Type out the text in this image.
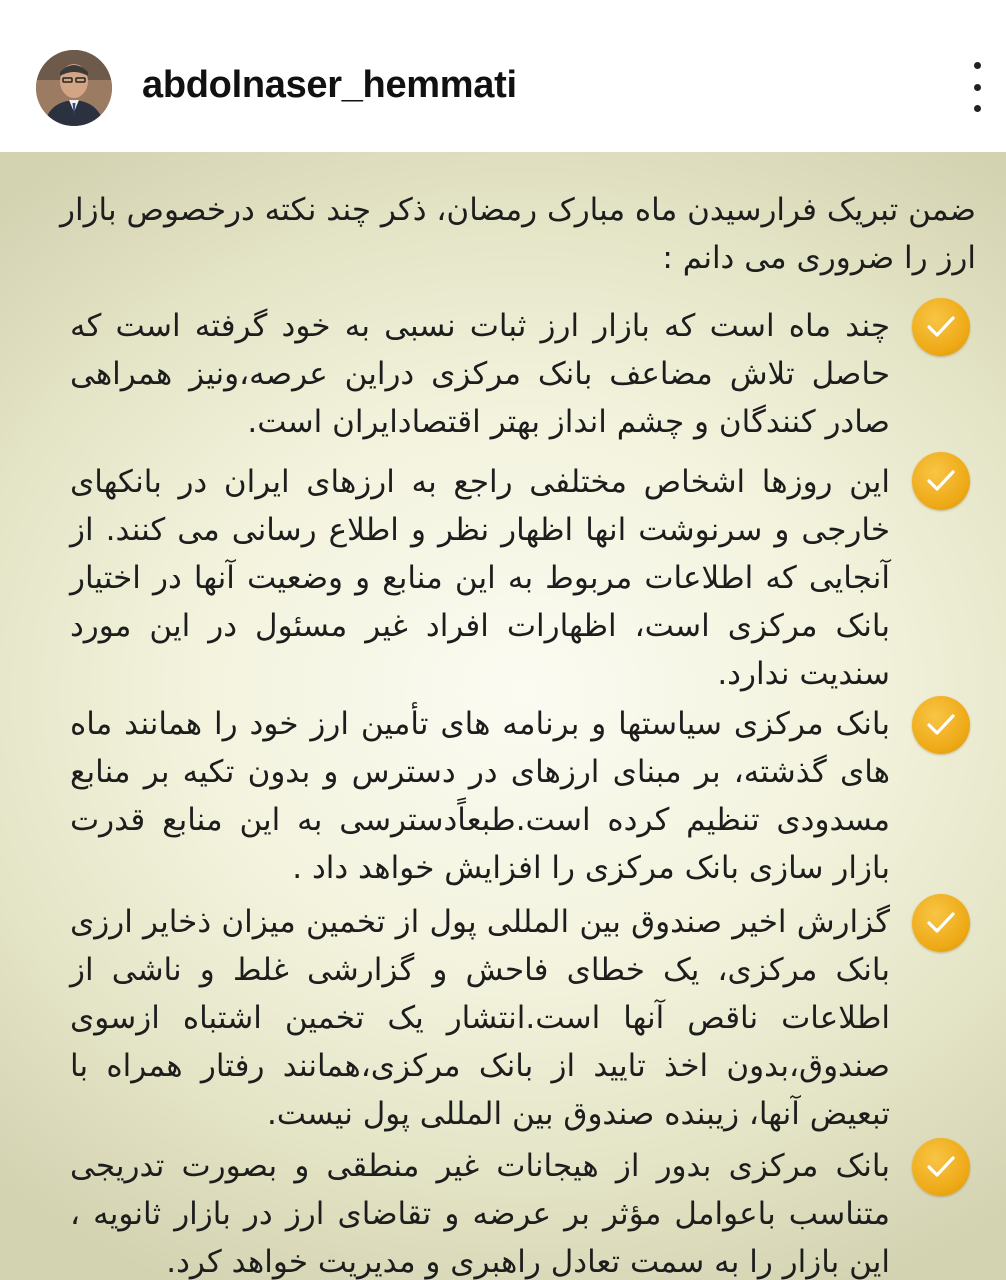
abdolnaser_hemmati
ضمن تبریک فرارسیدن ماه مبارک رمضان، ذکر چند نکته درخصوص بازار ارز را ضروری می دانم :
چند ماه است که بازار ارز ثبات نسبی به خود گرفته است که حاصل تلاش مضاعف بانک مرکزی دراین عرصه،ونیز همراهی صادر کنندگان و چشم انداز بهتر اقتصادایران است.
این روزها اشخاص مختلفی راجع به ارزهای ایران در بانکهای خارجی و سرنوشت انها اظهار نظر و اطلاع رسانی می کنند. از آنجایی که اطلاعات مربوط به این منابع و وضعیت آنها در اختیار بانک مرکزی است، اظهارات افراد غیر مسئول در این مورد سندیت ندارد.
بانک مرکزی سیاستها و برنامه های تأمین ارز خود را همانند ماه های گذشته، بر مبنای ارزهای در دسترس و بدون تکیه بر منابع مسدودی تنظیم کرده است.طبعاًدسترسی به این منابع قدرت بازار سازی بانک مرکزی را افزایش خواهد داد .
گزارش اخیر صندوق بین المللی پول از تخمین میزان ذخایر ارزی بانک مرکزی، یک خطای فاحش و گزارشی غلط و ناشی از اطلاعات ناقص آنها است.انتشار یک تخمین اشتباه ازسوی صندوق،بدون اخذ تایید از بانک مرکزی،همانند رفتار همراه با تبعیض آنها، زیبنده صندوق بین المللی پول نیست.
بانک مرکزی بدور از هیجانات غیر منطقی و بصورت تدریجی متناسب باعوامل مؤثر بر عرضه و تقاضای ارز در بازار ثانویه ، این بازار را به سمت تعادل راهبری و مدیریت خواهد کرد.
